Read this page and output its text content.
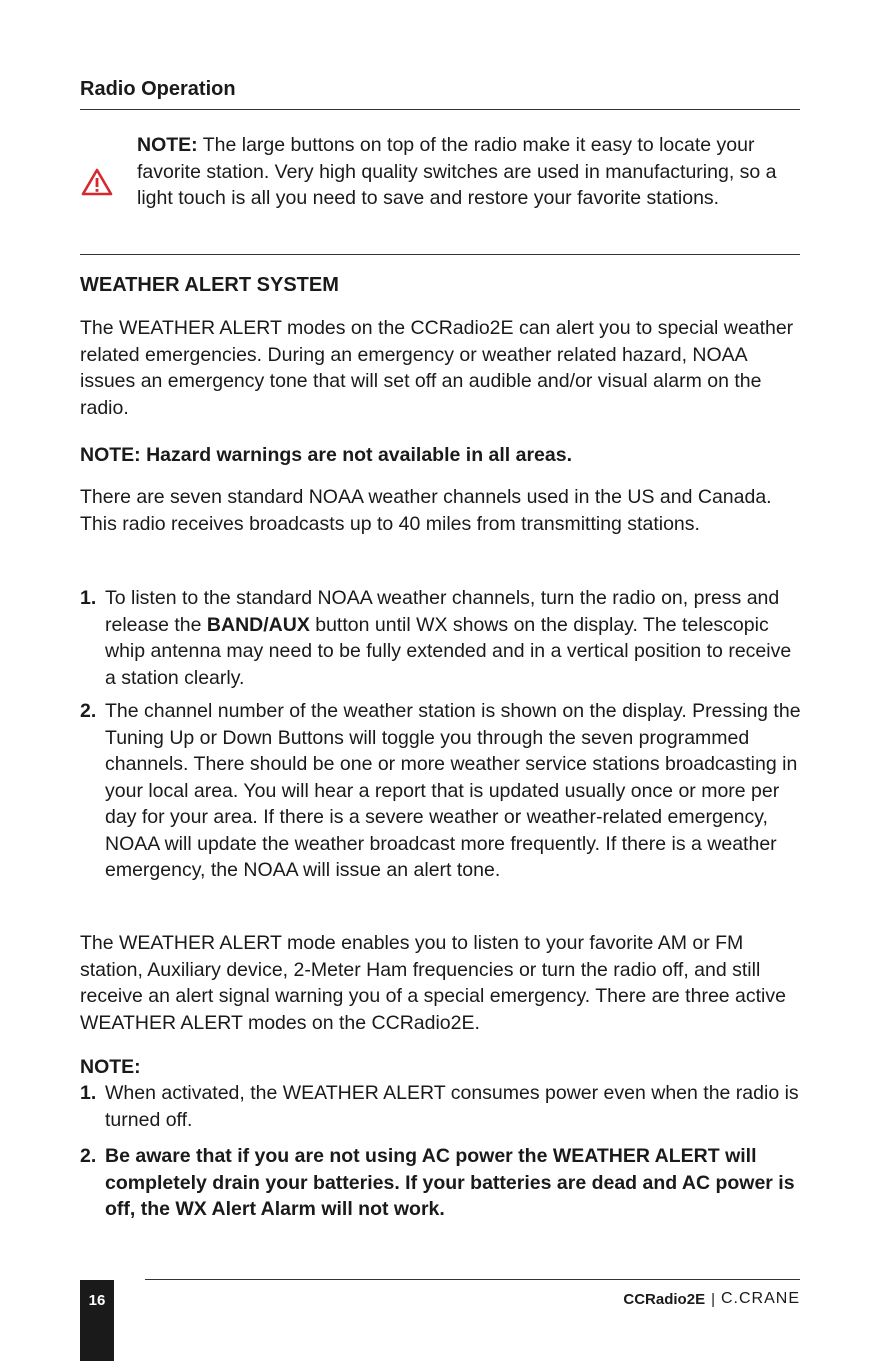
Radio Operation
NOTE: The large buttons on top of the radio make it easy to locate your favorite station. Very high quality switches are used in manufacturing, so a light touch is all you need to save and restore your favorite stations.
WEATHER ALERT SYSTEM
The WEATHER ALERT modes on the CCRadio2E can alert you to special weather related emergencies. During an emergency or weather related hazard, NOAA issues an emergency tone that will set off an audible and/or visual alarm on the radio.
NOTE: Hazard warnings are not available in all areas.
There are seven standard NOAA weather channels used in the US and Canada. This radio receives broadcasts up to 40 miles from transmitting stations.
1. To listen to the standard NOAA weather channels, turn the radio on, press and release the BAND/AUX button until WX shows on the display. The telescopic whip antenna may need to be fully extended and in a vertical position to receive a station clearly.
2. The channel number of the weather station is shown on the display. Pressing the Tuning Up or Down Buttons will toggle you through the seven programmed channels. There should be one or more weather service stations broadcasting in your local area. You will hear a report that is updated usually once or more per day for your area. If there is a severe weather or weather-related emergency, NOAA will update the weather broadcast more frequently. If there is a weather emergency, the NOAA will issue an alert tone.
The WEATHER ALERT mode enables you to listen to your favorite AM or FM station, Auxiliary device, 2-Meter Ham frequencies or turn the radio off, and still receive an alert signal warning you of a special emergency. There are three active WEATHER ALERT modes on the CCRadio2E.
NOTE:
1. When activated, the WEATHER ALERT consumes power even when the radio is turned off.
2. Be aware that if you are not using AC power the WEATHER ALERT will completely drain your batteries. If your batteries are dead and AC power is off, the WX Alert Alarm will not work.
16	CCRadio2E | C.CRANE
